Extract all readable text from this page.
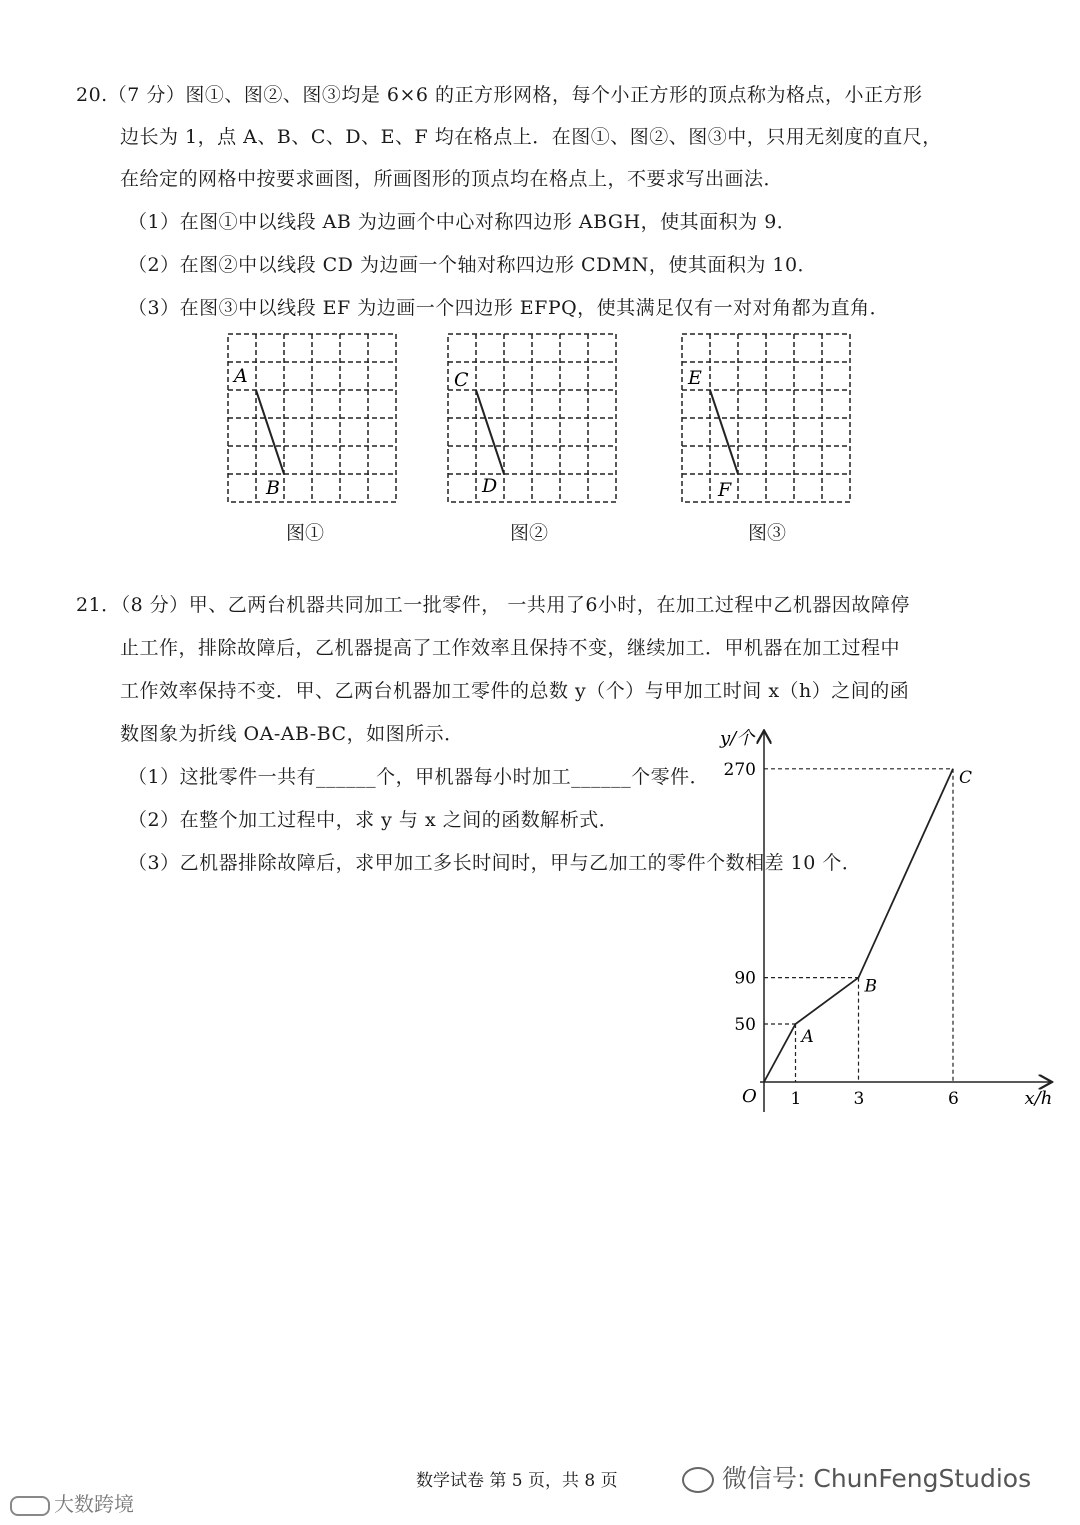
20.（7 分）图①、图②、图③均是 6×6 的正方形网格，每个小正方形的顶点称为格点，小正方形
边长为 1，点 A、B、C、D、E、F 均在格点上．在图①、图②、图③中，只用无刻度的直尺，
在给定的网格中按要求画图，所画图形的顶点均在格点上，不要求写出画法．
（1）在图①中以线段 AB 为边画个中心对称四边形 ABGH，使其面积为 9．
（2）在图②中以线段 CD 为边画一个轴对称四边形 CDMN，使其面积为 10．
（3）在图③中以线段 EF 为边画一个四边形 EFPQ，使其满足仅有一对对角都为直角．
A
B
图①
C
D
图②
E
F
图③
21．（8 分）甲、乙两台机器共同加工一批零件， 一共用了6小时，在加工过程中乙机器因故障停
止工作，排除故障后，乙机器提高了工作效率且保持不变，继续加工．甲机器在加工过程中
工作效率保持不变．甲、乙两台机器加工零件的总数 y（个）与甲加工时间 x（h）之间的函
数图象为折线 OA-AB-BC，如图所示．
（1）这批零件一共有______个，甲机器每小时加工______个零件．
（2）在整个加工过程中，求 y 与 x 之间的函数解析式．
（3）乙机器排除故障后，求甲加工多长时间时，甲与乙加工的零件个数相差 10 个．
1	3	6
50
90
270
A
B
C
x/h
y/个
O
数学试卷 第 5 页，共 8 页	微信号: ChunFengStudios
大数跨境
